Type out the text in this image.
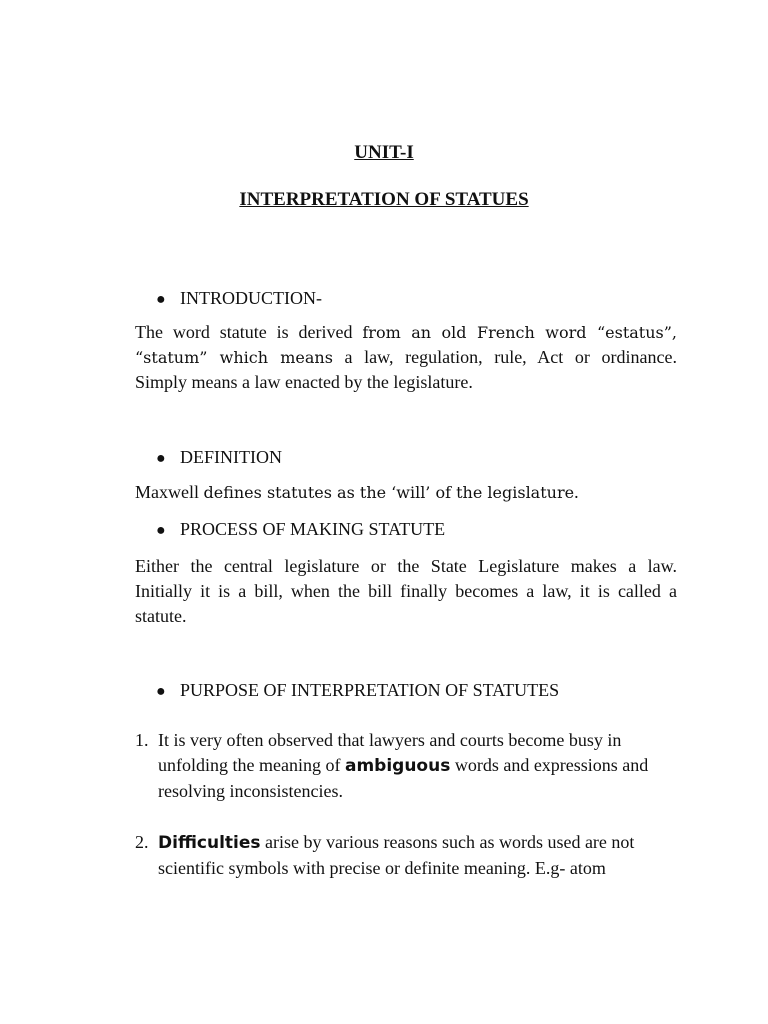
UNIT-I
INTERPRETATION OF STATUES
● INTRODUCTION-
The word statute is derived from an old French word “estatus”,
“statum” which means a law, regulation, rule, Act or ordinance.
Simply means a law enacted by the legislature.
● DEFINITION
Maxwell defines statutes as the ‘will’ of the legislature.
● PROCESS OF MAKING STATUTE
Either the central legislature or the State Legislature makes a law.
Initially it is a bill, when the bill finally becomes a law, it is called a
statute.
● PURPOSE OF INTERPRETATION OF STATUTES
1. It is very often observed that lawyers and courts become busy in
unfolding the meaning of ambiguous words and expressions and
resolving inconsistencies.
2. Difficulties arise by various reasons such as words used are not
scientific symbols with precise or definite meaning. E.g- atom
